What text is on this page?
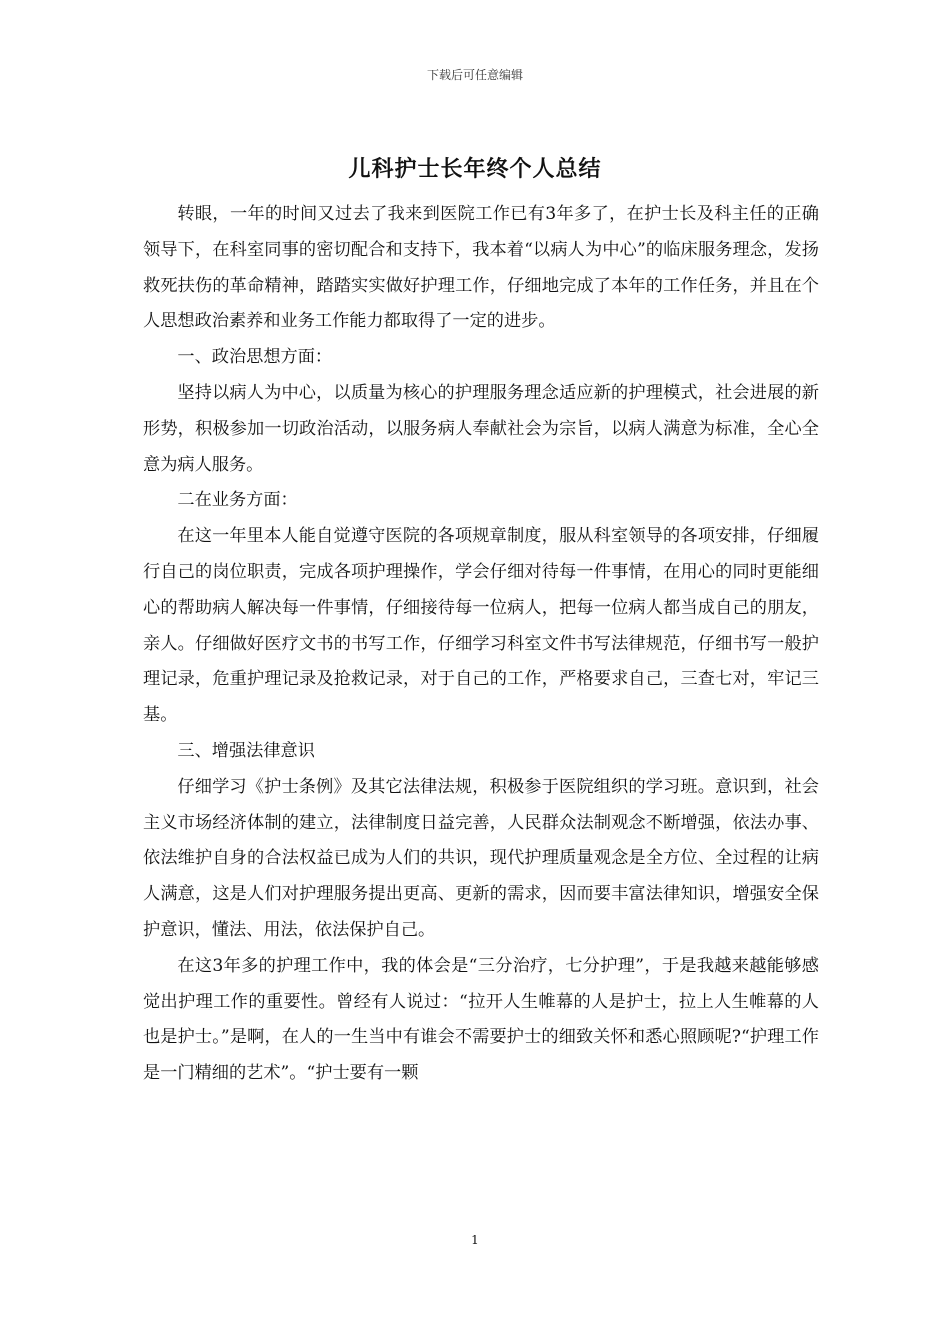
下载后可任意编辑
儿科护士长年终个人总结

转眼，一年的时间又过去了我来到医院工作已有3年多了，在护士长及科主任的正确领导下，在科室同事的密切配合和支持下，我本着“以病人为中心”的临床服务理念，发扬救死扶伤的革命精神，踏踏实实做好护理工作，仔细地完成了本年的工作任务，并且在个人思想政治素养和业务工作能力都取得了一定的进步。

一、政治思想方面：

坚持以病人为中心，以质量为核心的护理服务理念适应新的护理模式，社会进展的新形势，积极参加一切政治活动，以服务病人奉献社会为宗旨，以病人满意为标准，全心全意为病人服务。

二在业务方面：

在这一年里本人能自觉遵守医院的各项规章制度，服从科室领导的各项安排，仔细履行自己的岗位职责，完成各项护理操作，学会仔细对待每一件事情，在用心的同时更能细心的帮助病人解决每一件事情，仔细接待每一位病人，把每一位病人都当成自己的朋友，亲人。仔细做好医疗文书的书写工作，仔细学习科室文件书写法律规范，仔细书写一般护理记录，危重护理记录及抢救记录，对于自己的工作，严格要求自己，三查七对，牢记三基。

三、增强法律意识

仔细学习《护士条例》及其它法律法规，积极参于医院组织的学习班。意识到，社会主义市场经济体制的建立，法律制度日益完善，人民群众法制观念不断增强，依法办事、依法维护自身的合法权益已成为人们的共识，现代护理质量观念是全方位、全过程的让病人满意，这是人们对护理服务提出更高、更新的需求，因而要丰富法律知识，增强安全保护意识，懂法、用法，依法保护自己。

在这3年多的护理工作中，我的体会是“三分治疗，七分护理”，于是我越来越能够感觉出护理工作的重要性。曾经有人说过：“拉开人生帷幕的人是护士，拉上人生帷幕的人也是护士。”是啊，在人的一生当中有谁会不需要护士的细致关怀和悉心照顾呢?“护理工作是一门精细的艺术”。“护士要有一颗

1
